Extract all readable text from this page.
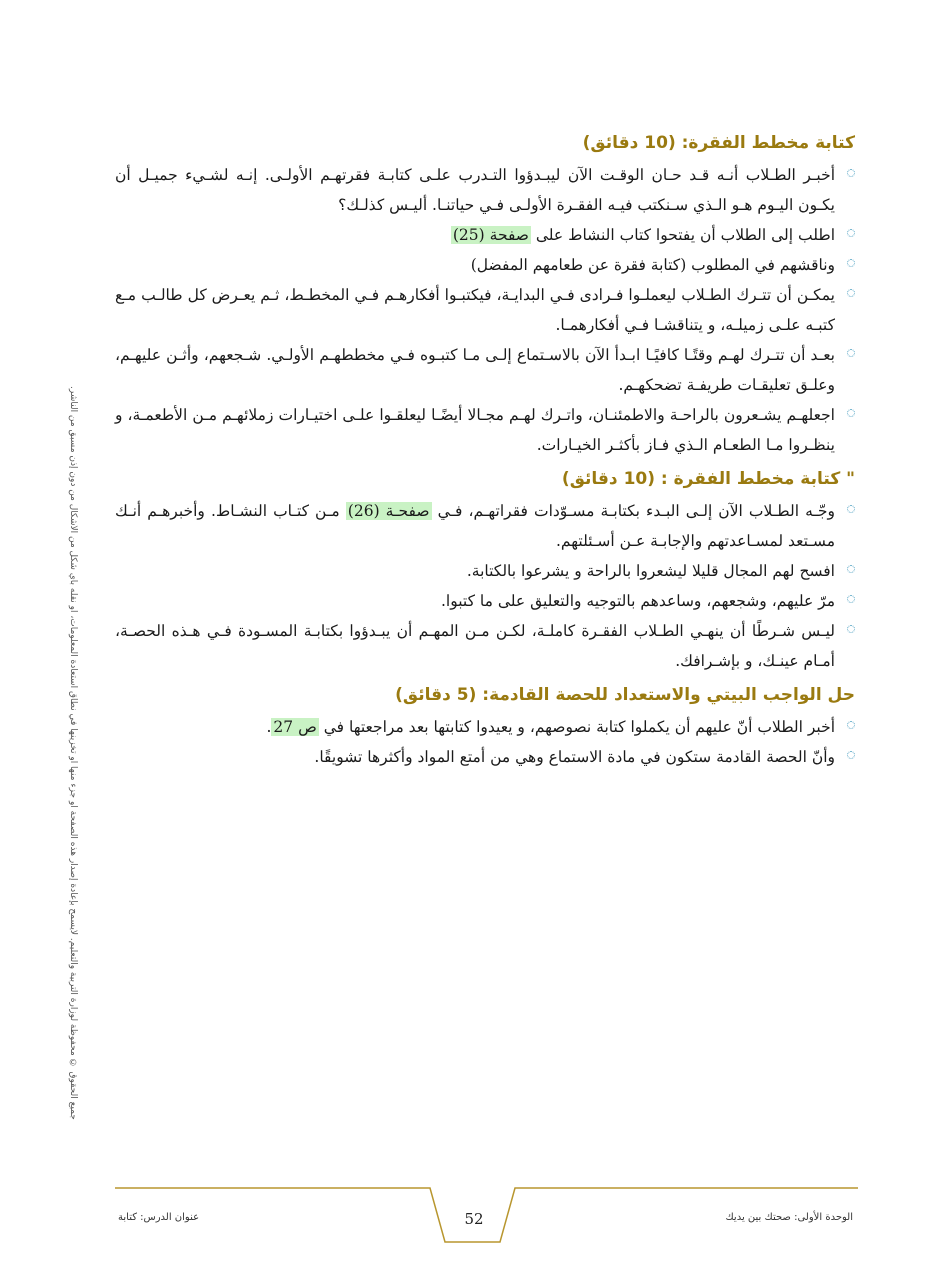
جميع الحقوق © محفوظة لوزارة التربية والتعليم. لايسمح بإعادة إصدار هذه الصفحة أو جزء منها أو تخزينها في نطاق استعادة المعلومات، أو نقله بأي شكل من الأشكال من دون إذن مسبق من الناشر.
كتابة مخطط الفقرة: (10 دقائق)
أخبـر الطـلاب أنـه قـد حـان الوقـت الآن ليبـدؤوا التـدرب علـى كتابـة فقرتهـم الأولـى. إنـه لشـيء جميـل أن يكـون اليـوم هـو الـذي سـنكتب فيـه الفقـرة الأولـى فـي حياتنـا. أليـس كذلـك؟
اطلب إلى الطلاب أن يفتحوا كتاب النشاط على صفحة (25)
وناقشهم في المطلوب (كتابة فقرة عن طعامهم المفضل)
يمكـن أن تتـرك الطـلاب ليعملـوا فـرادى فـي البدايـة، فيكتبـوا أفكارهـم فـي المخطـط، ثـم يعـرض كل طالـب مـع كتبـه علـى زميلـه، و يتناقشـا فـي أفكارهمـا.
بعـد أن تتـرك لهـم وقتًـا كافيًـا ابـدأ الآن بالاسـتماع إلـى مـا كتبـوه فـي مخططهـم الأولـي. شـجعهم، وأثـن عليهـم، وعلـق تعليقـات طريفـة تضحكهـم.
اجعلهـم يشـعرون بالراحـة والاطمئنـان، واتـرك لهـم مجـالا أيضًـا ليعلقـوا علـى اختيـارات زملائهـم مـن الأطعمـة، و ينظـروا مـا الطعـام الـذي فـاز بأكثـر الخيـارات.
" كتابة مخطط الفقرة : (10 دقائق)
وجّـه الطـلاب الآن إلـى البـدء بكتابـة مسـوّدات فقراتهـم، فـي صفحـة (26) مـن كتـاب النشـاط. وأخبرهـم أنـك مسـتعد لمسـاعدتهم والإجابـة عـن أسـئلتهم.
افسح لهم المجال قليلا ليشعروا بالراحة و يشرعوا بالكتابة.
مرّ عليهم، وشجعهم، وساعدهم بالتوجيه والتعليق على ما كتبوا.
ليـس شـرطًا أن ينهـي الطـلاب الفقـرة كاملـة، لكـن مـن المهـم أن يبـدؤوا بكتابـة المسـودة فـي هـذه الحصـة، أمـام عينـك، و بإشـرافك.
حل الواجب البيتي والاستعداد للحصة القادمة: (5 دقائق)
أخبر الطلاب أنّ عليهم أن يكملوا كتابة نصوصهم، و يعيدوا كتابتها بعد مراجعتها في ص 27.
وأنّ الحصة القادمة ستكون في مادة الاستماع وهي من أمتع المواد وأكثرها تشويقًا.
عنوان الدرس: كتابة	52	الوحدة الأولى: صحتك بين يديك
